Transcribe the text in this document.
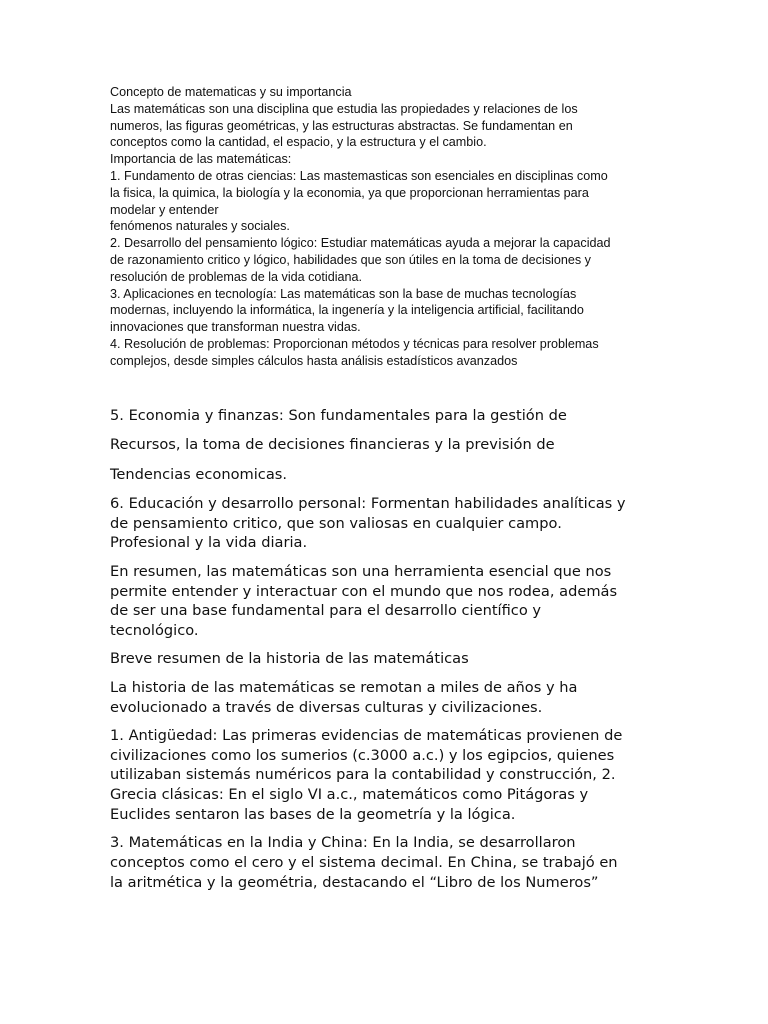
Concepto de matematicas y su importancia
Las matemáticas son una disciplina que estudia las propiedades y relaciones de los
numeros, las figuras geométricas, y las estructuras abstractas. Se fundamentan en
conceptos como la cantidad, el espacio, y la estructura y el cambio.
Importancia de las matemáticas:
1. Fundamento de otras ciencias: Las mastemasticas son esenciales en disciplinas como
la fisica, la quimica, la biología y la economia, ya que proporcionan herramientas para
modelar y entender
fenómenos naturales y sociales.
2. Desarrollo del pensamiento lógico: Estudiar matemáticas ayuda a mejorar la capacidad
de razonamiento critico y lógico, habilidades que son útiles en la toma de decisiones y
resolución de problemas de la vida cotidiana.
3. Aplicaciones en tecnología: Las matemáticas son la base de muchas tecnologías
modernas, incluyendo la informática, la ingenería y la inteligencia artificial, facilitando
innovaciones que transforman nuestra vidas.
4. Resolución de problemas: Proporcionan métodos y técnicas para resolver problemas
complejos, desde simples cálculos hasta análisis estadísticos avanzados

5. Economia y finanzas: Son fundamentales para la gestión de

Recursos, la toma de decisiones financieras y la previsión de

Tendencias economicas.

6. Educación y desarrollo personal: Formentan habilidades analíticas y
de pensamiento critico, que son valiosas en cualquier campo.
Profesional y la vida diaria.

En resumen, las matemáticas son una herramienta esencial que nos
permite entender y interactuar con el mundo que nos rodea, además
de ser una base fundamental para el desarrollo científico y
tecnológico.

Breve resumen de la historia de las matemáticas

La historia de las matemáticas se remotan a miles de años y ha
evolucionado a través de diversas culturas y civilizaciones.

1. Antigüedad: Las primeras evidencias de matemáticas provienen de
civilizaciones como los sumerios (c.3000 a.c.) y los egipcios, quienes
utilizaban sistemás numéricos para la contabilidad y construcción, 2.
Grecia clásicas: En el siglo VI a.c., matemáticos como Pitágoras y
Euclides sentaron las bases de la geometría y la lógica.

3. Matemáticas en la India y China: En la India, se desarrollaron
conceptos como el cero y el sistema decimal. En China, se trabajó en
la aritmética y la geométria, destacando el “Libro de los Numeros”
